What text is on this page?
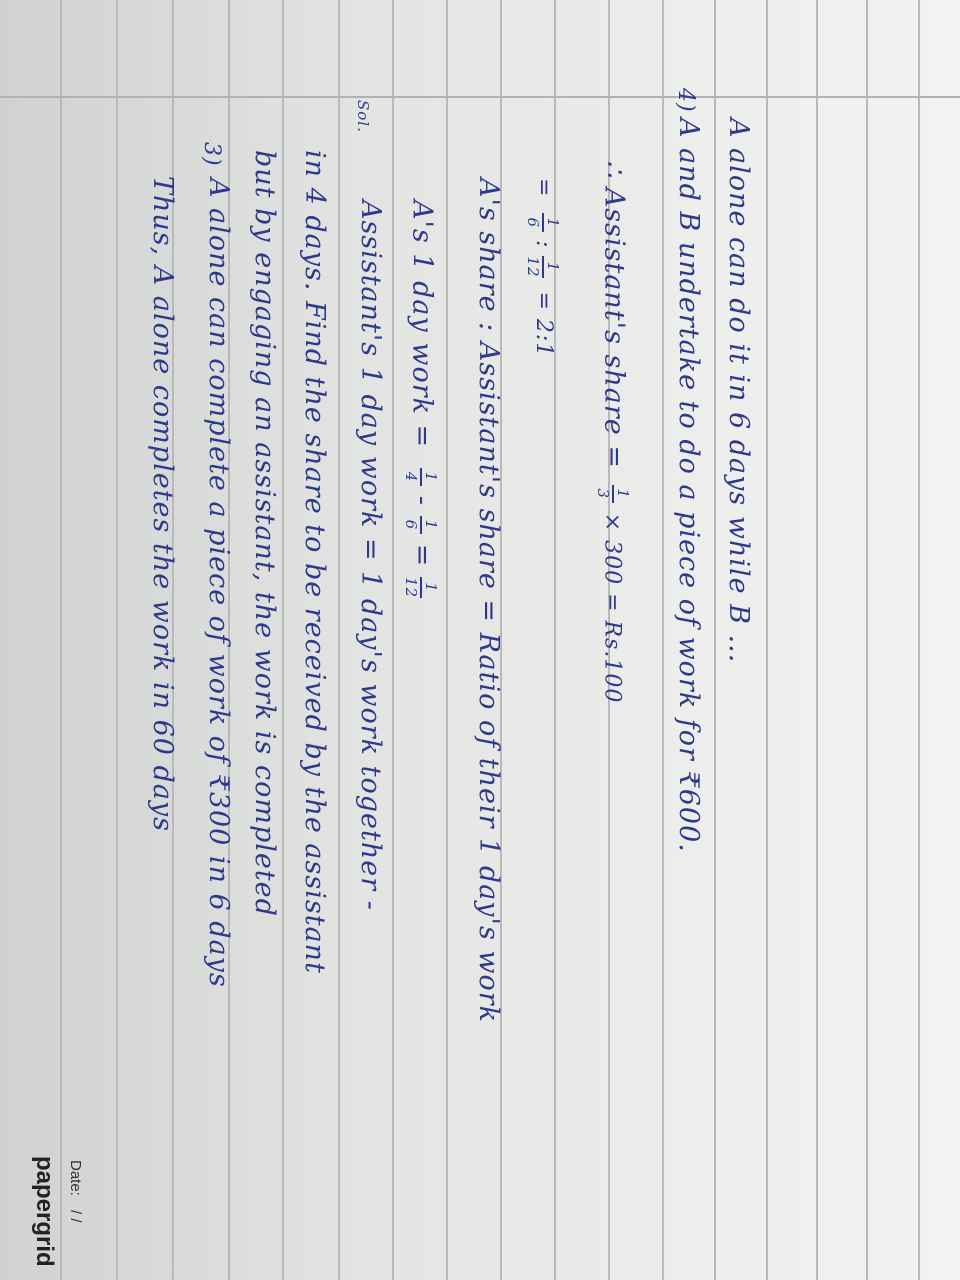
papergrid Date: / /
Thus, A alone completes the work in 60 days
3)
A alone can complete a piece of work of ₹300 in 6 days but by engaging an assistant, the work is completed in 4 days. Find the share to be received by the assistant
Sol.
Assistant's 1 day work = 1 day's work together - A's 1 day work =
1
4
-
1
6
=
1
12 A's share : Assistant's share = Ratio of their 1 day's work	=
1
6
:
1
12
= 2:1 ∴ Assistant's share =
1
3
× 300 = Rs.100
4)
A and B undertake to do a piece of work for ₹600. A alone can do it in 6 days while B ...
